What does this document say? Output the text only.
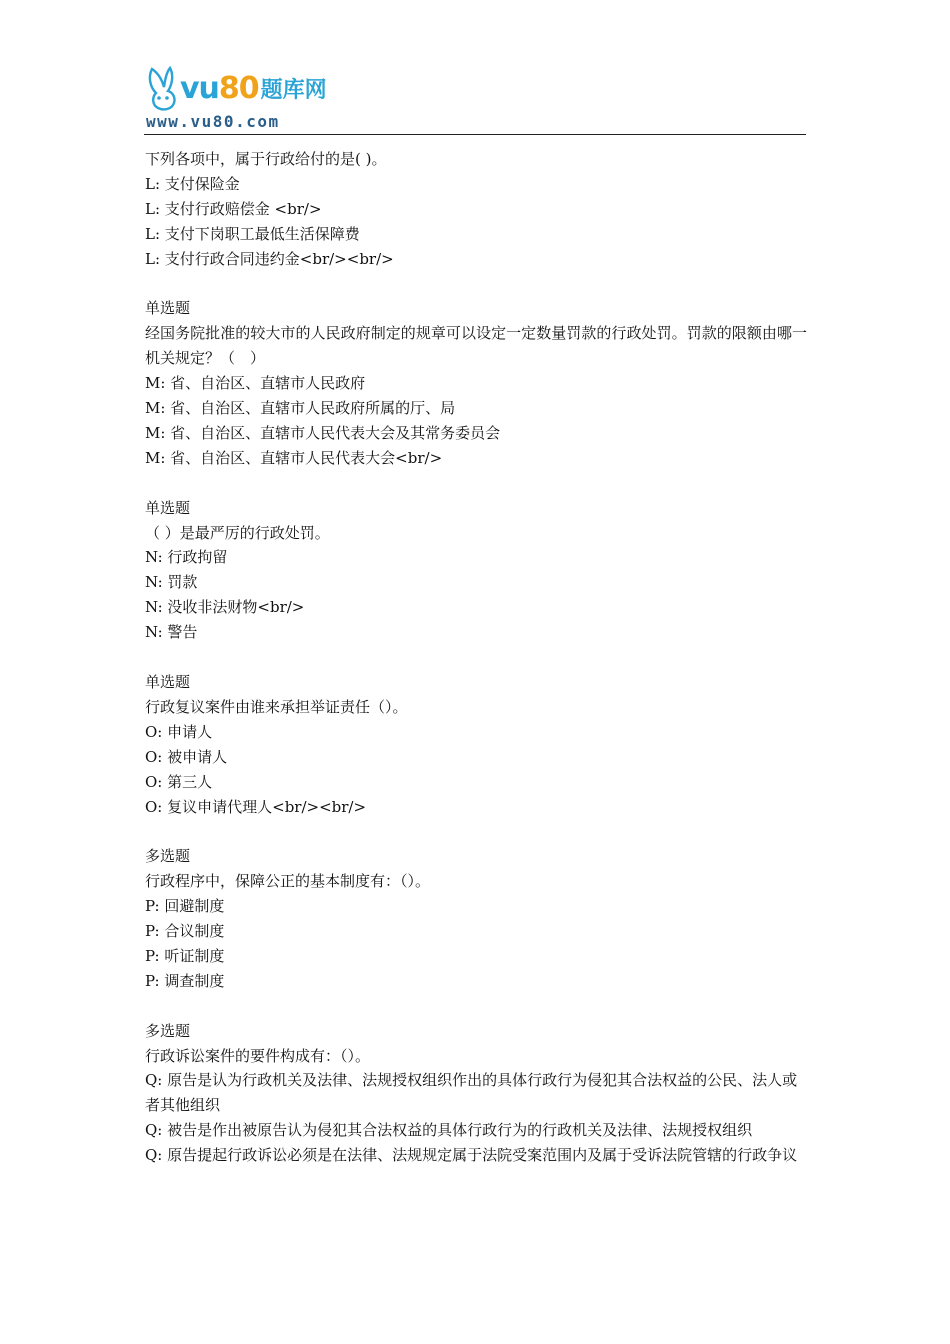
vu80 题库网
www.vu80.com
下列各项中，属于行政给付的是( )。
L: 支付保险金
L: 支付行政赔偿金 <br/>
L: 支付下岗职工最低生活保障费
L: 支付行政合同违约金<br/><br/>
单选题
经国务院批准的较大市的人民政府制定的规章可以设定一定数量罚款的行政处罚。罚款的限额由哪一机关规定？（　）
M: 省、自治区、直辖市人民政府
M: 省、自治区、直辖市人民政府所属的厅、局
M: 省、自治区、直辖市人民代表大会及其常务委员会
M: 省、自治区、直辖市人民代表大会<br/>
单选题
（ ）是最严厉的行政处罚。
N: 行政拘留
N: 罚款
N: 没收非法财物<br/>
N: 警告
单选题
行政复议案件由谁来承担举证责任（）。
O: 申请人
O: 被申请人
O: 第三人
O: 复议申请代理人<br/><br/>
多选题
行政程序中，保障公正的基本制度有：（）。
P: 回避制度
P: 合议制度
P: 听证制度
P: 调查制度
多选题
行政诉讼案件的要件构成有：（）。
Q: 原告是认为行政机关及法律、法规授权组织作出的具体行政行为侵犯其合法权益的公民、法人或者其他组织
Q: 被告是作出被原告认为侵犯其合法权益的具体行政行为的行政机关及法律、法规授权组织
Q: 原告提起行政诉讼必须是在法律、法规规定属于法院受案范围内及属于受诉法院管辖的行政争议
